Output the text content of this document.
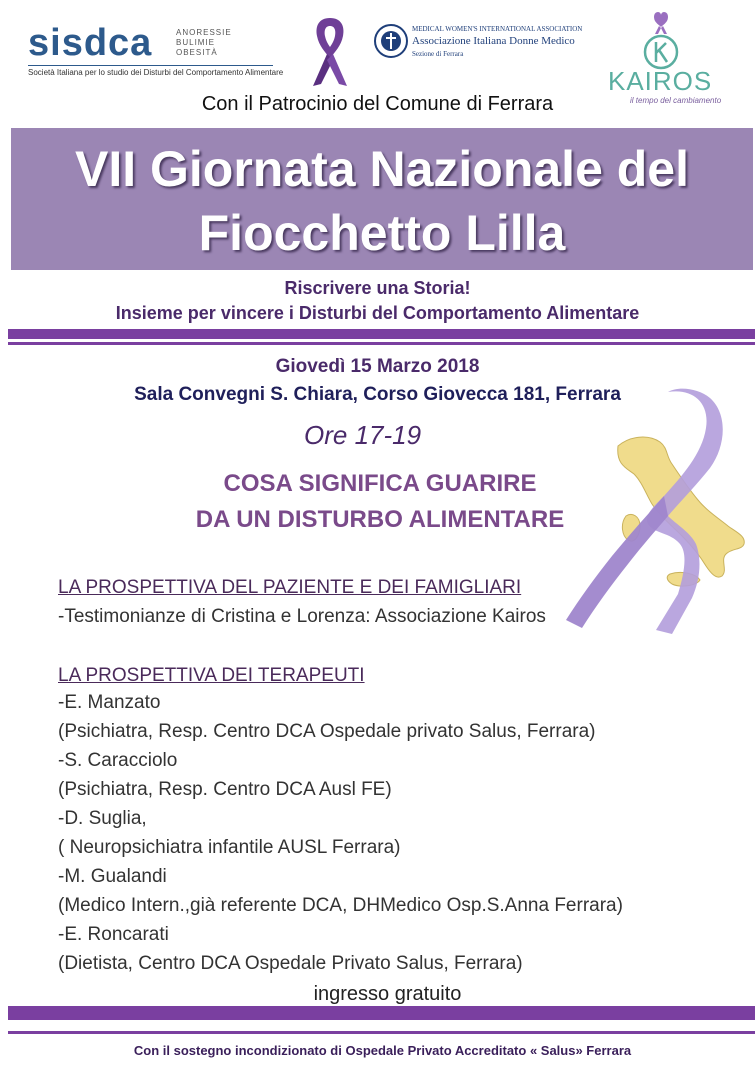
sisdca	ANORESSIE
BULIMIE
OBESITÀ
Società Italiana per lo studio dei Disturbi del Comportamento Alimentare
MEDICAL WOMEN'S INTERNATIONAL ASSOCIATION
Associazione Italiana Donne Medico
Sezione di Ferrara
KAIROS
il tempo del cambiamento
Con il Patrocinio del Comune di Ferrara
VII Giornata Nazionale del
Fiocchetto Lilla
Riscrivere una Storia!
Insieme per vincere i Disturbi del Comportamento Alimentare
Giovedì 15 Marzo 2018
Sala Convegni S. Chiara, Corso Giovecca 181, Ferrara
Ore 17-19
COSA SIGNIFICA GUARIRE
DA UN DISTURBO ALIMENTARE
LA PROSPETTIVA DEL PAZIENTE E DEI FAMIGLIARI
-Testimonianze di Cristina e Lorenza: Associazione Kairos
LA PROSPETTIVA DEI TERAPEUTI
-E. Manzato
(Psichiatra, Resp. Centro DCA Ospedale privato Salus, Ferrara)
-S. Caracciolo
(Psichiatra, Resp. Centro DCA Ausl FE)
-D. Suglia,
( Neuropsichiatra infantile AUSL Ferrara)
-M. Gualandi
(Medico Intern.,già referente DCA, DHMedico Osp.S.Anna Ferrara)
-E. Roncarati
(Dietista, Centro DCA Ospedale Privato Salus, Ferrara)
ingresso gratuito
Con il sostegno incondizionato di Ospedale Privato Accreditato « Salus» Ferrara
